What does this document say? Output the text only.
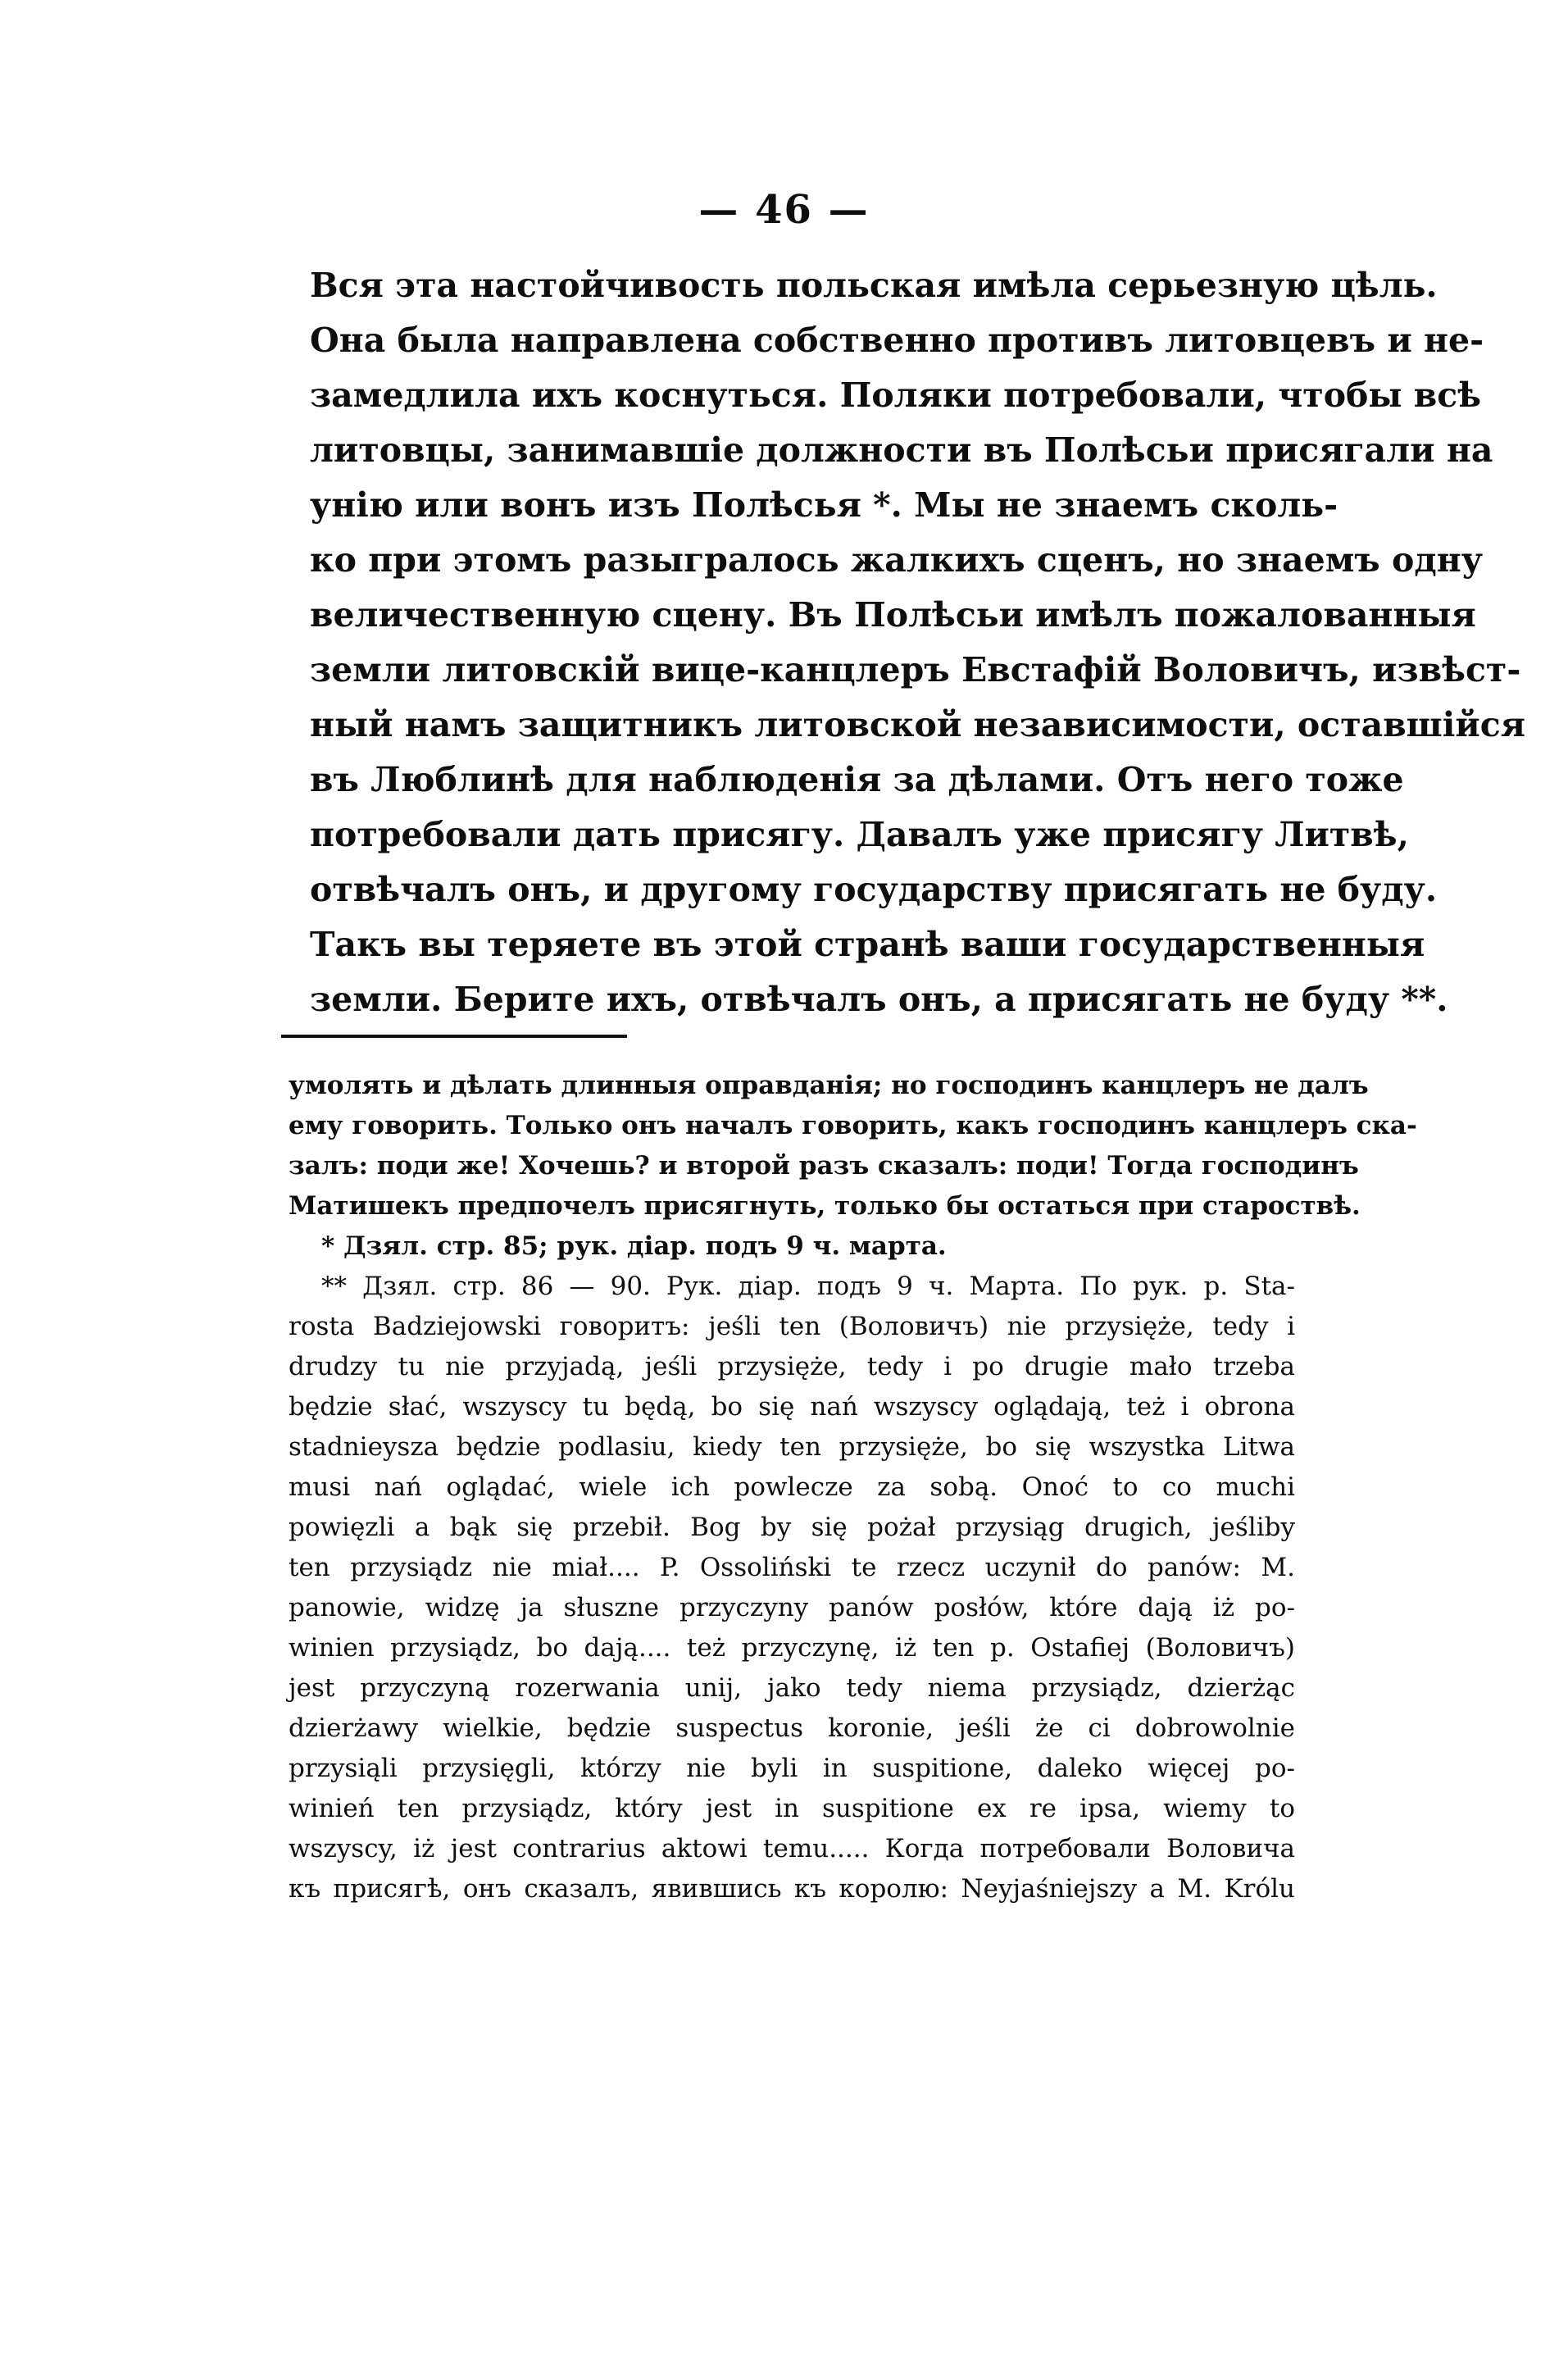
— 46 —
Вся эта настойчивость польская имѣла серьезную цѣль.
Она была направлена собственно противъ литовцевъ и не-
замедлила ихъ коснуться. Поляки потребовали, чтобы всѣ
литовцы, занимавшіе должности въ Полѣсьи присягали на
унію или вонъ изъ Полѣсья *. Мы не знаемъ сколь-
ко при этомъ разыгралось жалкихъ сценъ, но знаемъ одну
величественную сцену. Въ Полѣсьи имѣлъ пожалованныя
земли литовскій вице-канцлеръ Евстафій Воловичъ, извѣст-
ный намъ защитникъ литовской независимости, оставшійся
въ Люблинѣ для наблюденія за дѣлами. Отъ него тоже
потребовали дать присягу. Давалъ уже присягу Литвѣ,
отвѣчалъ онъ, и другому государству присягать не буду.
Такъ вы теряете въ этой странѣ ваши государственныя
земли. Берите ихъ, отвѣчалъ онъ, а присягать не буду **.
умолять и дѣлать длинныя оправданія; но господинъ канцлеръ не далъ
ему говорить. Только онъ началъ говорить, какъ господинъ канцлеръ ска-
залъ: поди же! Хочешь? и второй разъ сказалъ: поди! Тогда господинъ
Матишекъ предпочелъ присягнуть, только бы остаться при староствѣ.
* Дзял. стр. 85; рук. діар. подъ 9 ч. марта.
** Дзял. стр. 86 — 90. Рук. діар. подъ 9 ч. Марта. По рук. р. Sta-
rosta Badziejowski говоритъ: jeśli ten (Воловичъ) nie przysięże, tedy i
drudzy tu nie przyjadą, jeśli przysięże, tedy i po drugie mało trzeba
będzie słać, wszyscy tu będą, bo się nań wszyscy oglądają, też i obrona
stadnieysza będzie podlasiu, kiedy ten przysięże, bo się wszystka Litwa
musi nań oglądać, wiele ich powlecze za sobą. Onoć to co muchi
powięzli a bąk się przebił. Bog by się pożał przysiąg drugich, jeśliby
ten przysiądz nie miał.... P. Ossoliński te rzecz uczynił do panów: M.
panowie, widzę ja słuszne przyczyny panów posłów, które dają iż po-
winien przysiądz, bo dają.... też przyczynę, iż ten p. Ostafiej (Воловичъ)
jest przyczyną rozerwania unij, jako tedy niema przysiądz, dzierżąc
dzierżawy wielkie, będzie suspectus koronie, jeśli że ci dobrowolnie
przysiąli przysięgli, którzy nie byli in suspitione, daleko więcej po-
winień ten przysiądz, który jest in suspitione ex re ipsa, wiemy to
wszyscy, iż jest contrarius aktowi temu..... Когда потребовали Воловича
къ присягѣ, онъ сказалъ, явившись къ королю: Neyjaśniejszy a M. Królu
